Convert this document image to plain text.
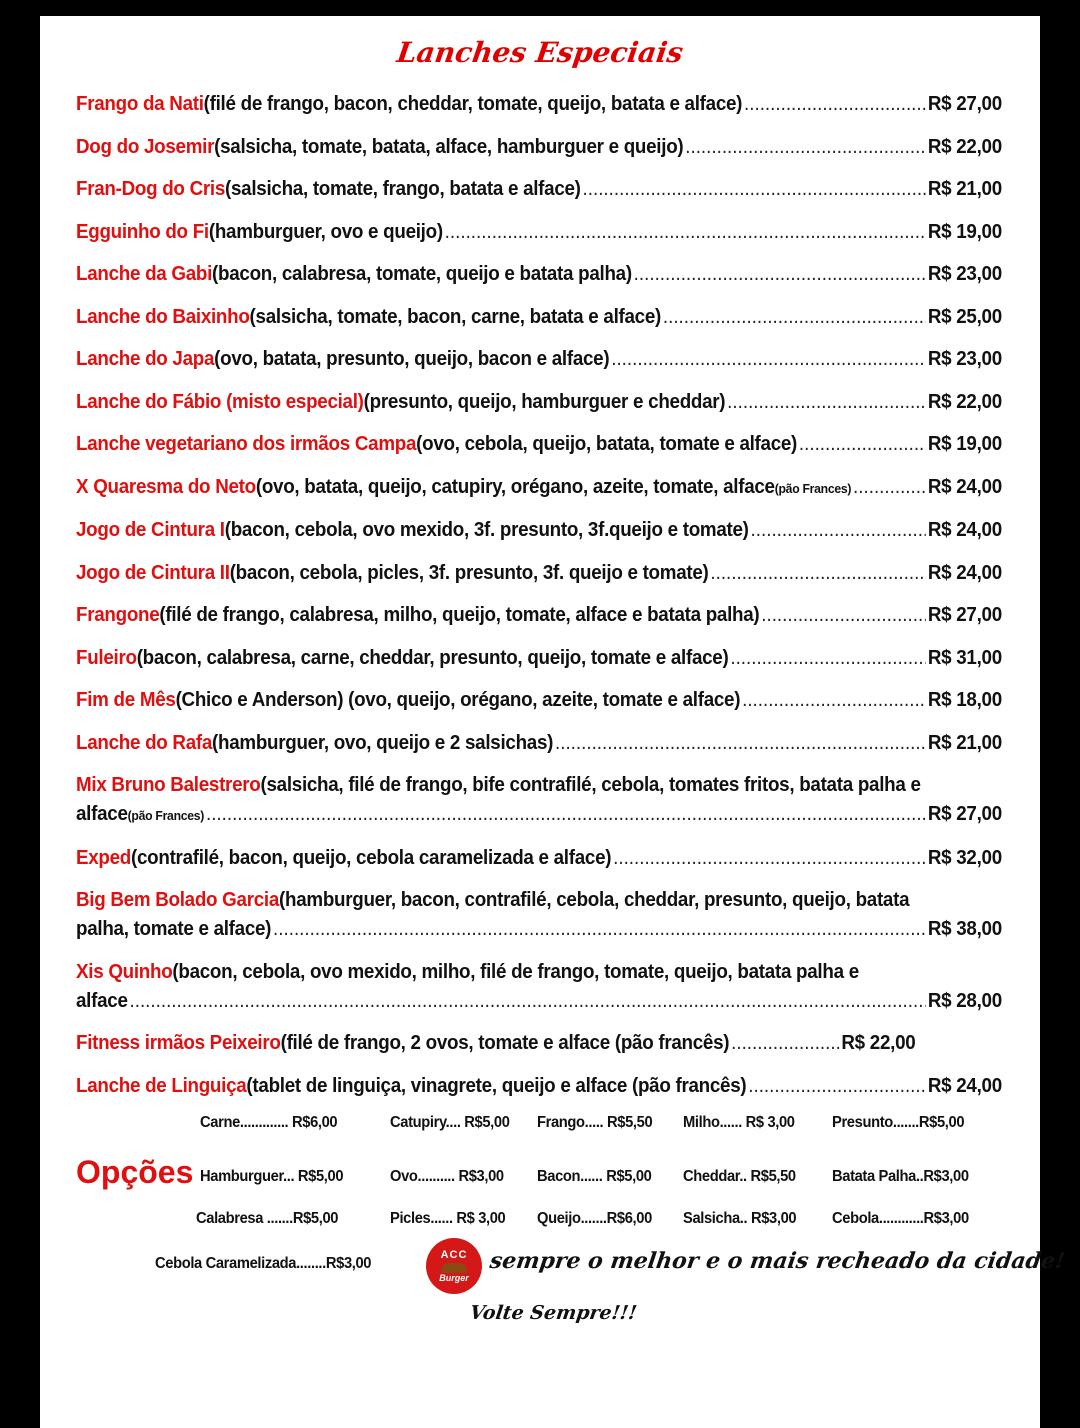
Lanches Especiais
Frango da Nati (filé de frango, bacon, cheddar, tomate, queijo, batata e alface) .....	R$ 27,00
Dog do Josemir (salsicha, tomate, batata, alface, hamburguer e queijo) .....	R$ 22,00
Fran-Dog do Cris (salsicha, tomate, frango, batata e alface) .....	R$ 21,00
Egguinho do Fi (hamburguer, ovo e queijo) .....	R$ 19,00
Lanche da Gabi (bacon, calabresa, tomate, queijo e batata palha) .....	R$ 23,00
Lanche do Baixinho (salsicha, tomate, bacon, carne, batata e alface) .....	R$ 25,00
Lanche do Japa (ovo, batata, presunto, queijo, bacon e alface) .....	R$ 23,00
Lanche do Fábio (misto especial) (presunto, queijo, hamburguer e cheddar) .....	R$ 22,00
Lanche vegetariano dos irmãos Campa (ovo, cebola, queijo, batata, tomate e alface) .....	R$ 19,00
X Quaresma do Neto (ovo, batata, queijo, catupiry, orégano, azeite, tomate, alface (pão Frances) .....	R$ 24,00
Jogo de Cintura I (bacon, cebola, ovo mexido, 3f. presunto, 3f.queijo e tomate) .....	R$ 24,00
Jogo de Cintura II (bacon, cebola, picles, 3f. presunto, 3f. queijo e tomate) .....	R$ 24,00
Frangone (filé de frango, calabresa, milho, queijo, tomate, alface e batata palha) .....	R$ 27,00
Fuleiro (bacon, calabresa, carne, cheddar, presunto, queijo, tomate e alface) .....	R$ 31,00
Fim de Mês (Chico e Anderson) (ovo, queijo, orégano, azeite, tomate e alface) .....	R$ 18,00
Lanche do Rafa (hamburguer, ovo, queijo e 2 salsichas) .....	R$ 21,00
Mix Bruno Balestrero (salsicha, filé de frango, bife contrafilé, cebola, tomates fritos, batata palha e
alface (pão Frances) .....	R$ 27,00
Exped (contrafilé, bacon, queijo, cebola caramelizada e alface) .....	R$ 32,00
Big Bem Bolado Garcia (hamburguer, bacon, contrafilé, cebola, cheddar, presunto, queijo, batata
palha, tomate e alface) .....	R$ 38,00
Xis Quinho (bacon, cebola, ovo mexido, milho, filé de frango, tomate, queijo, batata palha e
alface .....	R$ 28,00
Fitness irmãos Peixeiro (filé de frango, 2 ovos, tomate e alface (pão francês) .....	R$ 22,00
Lanche de Linguiça (tablet de linguiça, vinagrete, queijo e alface (pão francês) .....	R$ 24,00
Opções
Carne............. R$6,00	Catupiry.... R$5,00 Frango..... R$5,50 Milho...... R$ 3,00 Presunto.......R$5,00
Hamburguer... R$5,00	Ovo.......... R$3,00 Bacon...... R$5,00 Cheddar.. R$5,50 Batata Palha..R$3,00
Calabresa .......R$5,00	Picles...... R$ 3,00 Queijo.......R$6,00 Salsicha.. R$3,00 Cebola............R$3,00
Cebola Caramelizada........R$3,00	ACC
Burger
sempre o melhor e o mais recheado da cidade!
Volte Sempre!!!
